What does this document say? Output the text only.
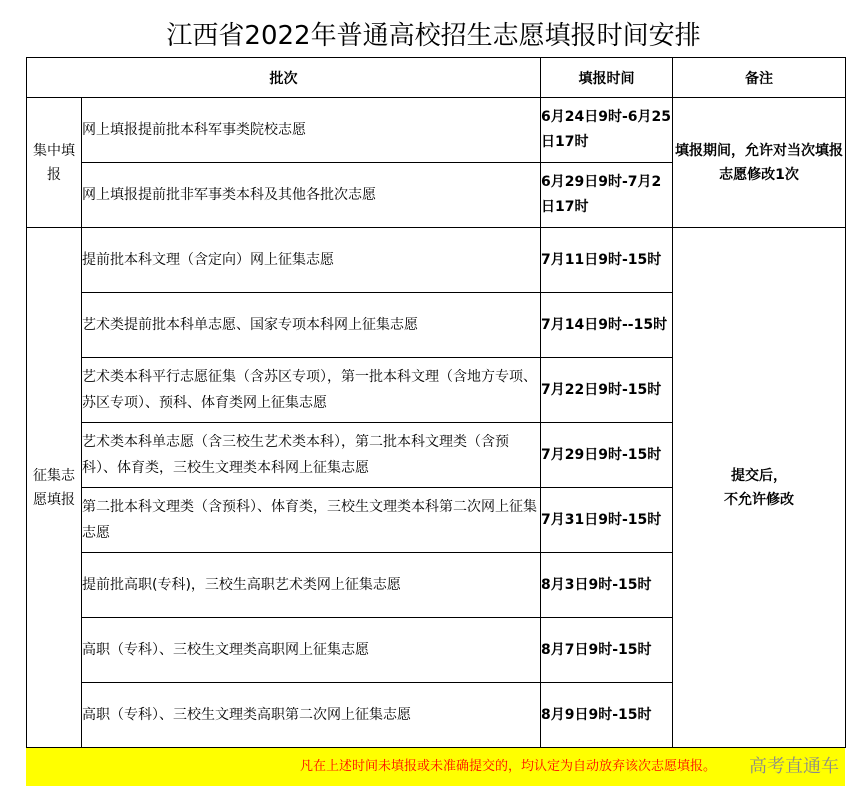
江西省2022年普通高校招生志愿填报时间安排
批次		填报时间	备注
集中填报	网上填报提前批本科军事类院校志愿	6月24日9时-6月25日17时	填报期间，允许对当次填报志愿修改1次
	网上填报提前批非军事类本科及其他各批次志愿	6月29日9时-7月2日17时	
征集志愿填报	提前批本科文理（含定向）网上征集志愿	7月11日9时-15时	提交后，
不允许修改

	艺术类提前批本科单志愿、国家专项本科网上征集志愿	7月14日9时--15时	
	艺术类本科平行志愿征集（含苏区专项），第一批本科文理（含地方专项、苏区专项）、预科、体育类网上征集志愿	7月22日9时-15时	
	艺术类本科单志愿（含三校生艺术类本科），第二批本科文理类（含预科）、体育类，三校生文理类本科网上征集志愿	7月29日9时-15时	
	第二批本科文理类（含预科）、体育类，三校生文理类本科第二次网上征集志愿	7月31日9时-15时	
	提前批高职(专科)，三校生高职艺术类网上征集志愿	8月3日9时-15时	
	高职（专科）、三校生文理类高职网上征集志愿	8月7日9时-15时	
	高职（专科）、三校生文理类高职第二次网上征集志愿	8月9日9时-15时	
凡在上述时间未填报或未准确提交的，均认定为自动放弃该次志愿填报。 高考直通车
